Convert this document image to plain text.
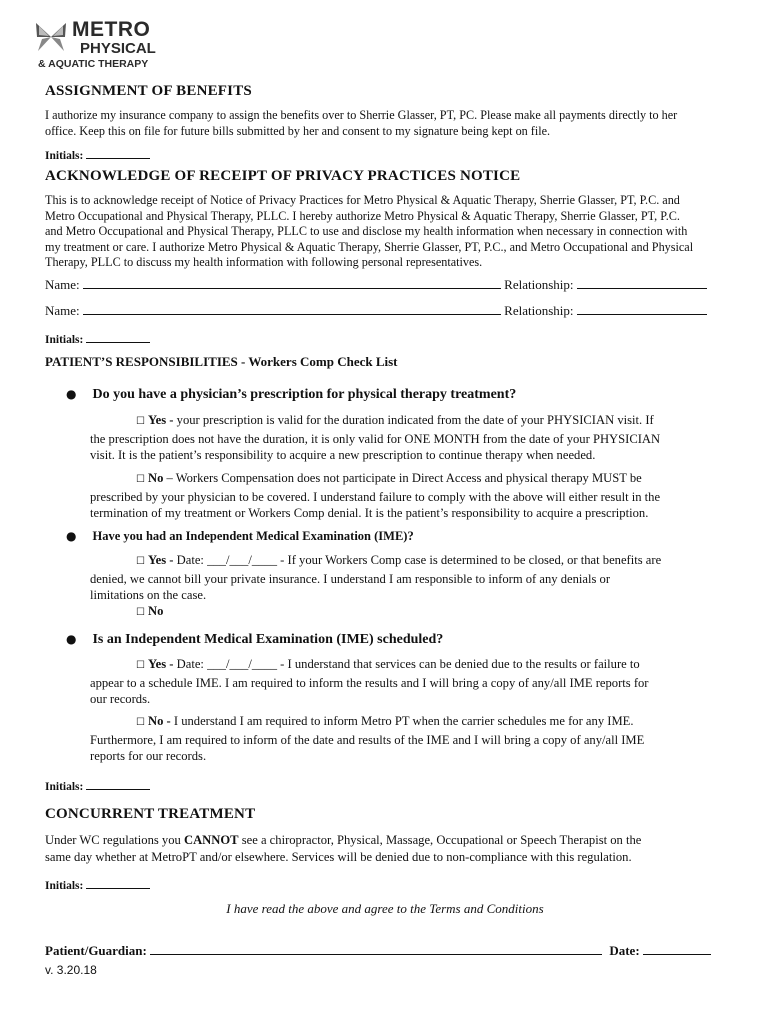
METRO
PHYSICAL
& AQUATIC THERAPY
ASSIGNMENT OF BENEFITS
I authorize my insurance company to assign the benefits over to Sherrie Glasser, PT, PC. Please make all payments directly to her
office. Keep this on file for future bills submitted by her and consent to my signature being kept on file.
Initials:
ACKNOWLEDGE OF RECEIPT OF PRIVACY PRACTICES NOTICE
This is to acknowledge receipt of Notice of Privacy Practices for Metro Physical & Aquatic Therapy, Sherrie Glasser, PT, P.C. and
Metro Occupational and Physical Therapy, PLLC. I hereby authorize Metro Physical & Aquatic Therapy, Sherrie Glasser, PT, P.C.
and Metro Occupational and Physical Therapy, PLLC to use and disclose my health information when necessary in connection with
my treatment or care. I authorize Metro Physical & Aquatic Therapy, Sherrie Glasser, PT, P.C., and Metro Occupational and Physical
Therapy, PLLC to discuss my health information with following personal representatives.
Name:	Relationship:
Name:	Relationship:
Initials:
PATIENT’S RESPONSIBILITIES - Workers Comp Check List
● Do you have a physician’s prescription for physical therapy treatment?
☐ Yes - your prescription is valid for the duration indicated from the date of your PHYSICIAN visit. If
the prescription does not have the duration, it is only valid for ONE MONTH from the date of your PHYSICIAN
visit. It is the patient’s responsibility to acquire a new prescription to continue therapy when needed.
☐ No – Workers Compensation does not participate in Direct Access and physical therapy MUST be
prescribed by your physician to be covered. I understand failure to comply with the above will either result in the
termination of my treatment or Workers Comp denial. It is the patient’s responsibility to acquire a prescription.
● Have you had an Independent Medical Examination (IME)?
☐ Yes - Date: ___/___/____ - If your Workers Comp case is determined to be closed, or that benefits are
denied, we cannot bill your private insurance. I understand I am responsible to inform of any denials or
limitations on the case.
☐ No
● Is an Independent Medical Examination (IME) scheduled?
☐ Yes - Date: ___/___/____ - I understand that services can be denied due to the results or failure to
appear to a schedule IME. I am required to inform the results and I will bring a copy of any/all IME reports for
our records.
☐ No - I understand I am required to inform Metro PT when the carrier schedules me for any IME.
Furthermore, I am required to inform of the date and results of the IME and I will bring a copy of any/all IME
reports for our records.
Initials:
CONCURRENT TREATMENT
Under WC regulations you CANNOT see a chiropractor, Physical, Massage, Occupational or Speech Therapist on the
same day whether at MetroPT and/or elsewhere. Services will be denied due to non-compliance with this regulation.
Initials:
I have read the above and agree to the Terms and Conditions
Patient/Guardian:	Date:
v. 3.20.18
